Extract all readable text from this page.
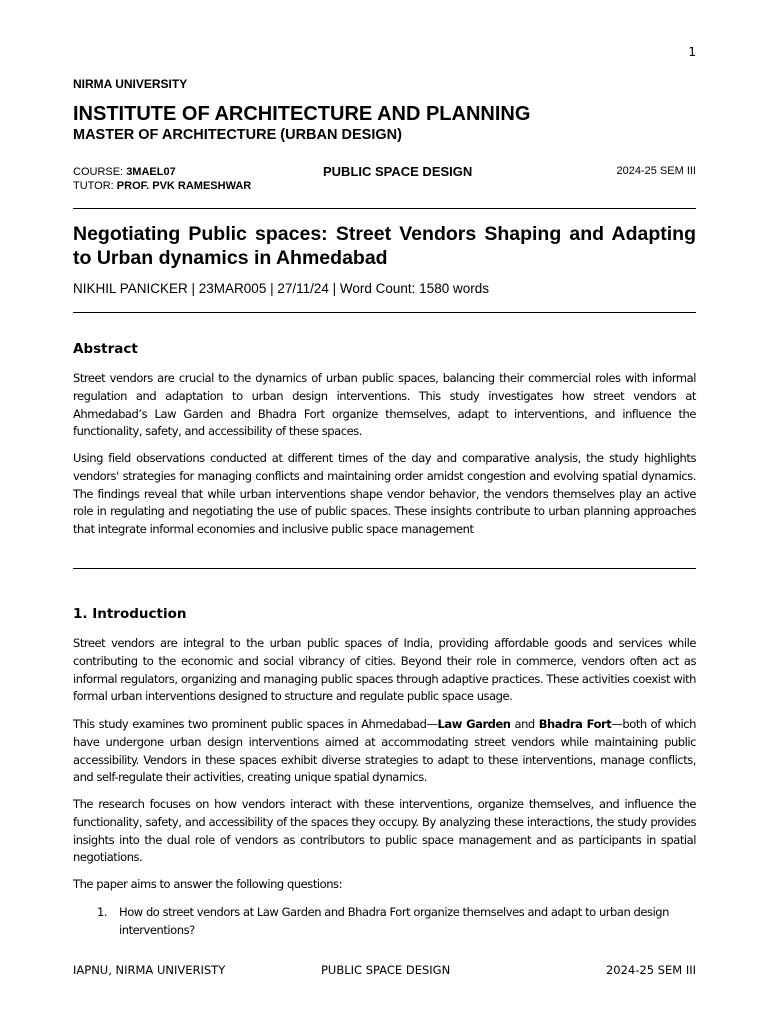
1
NIRMA UNIVERSITY
INSTITUTE OF ARCHITECTURE AND PLANNING
MASTER OF ARCHITECTURE (URBAN DESIGN)
COURSE: 3MAEL07
TUTOR: PROF. PVK RAMESHWAR
PUBLIC SPACE DESIGN	2024-25 SEM III
Negotiating Public spaces: Street Vendors Shaping and Adapting to Urban dynamics in Ahmedabad
NIKHIL PANICKER | 23MAR005 | 27/11/24 | Word Count: 1580 words
Abstract
Street vendors are crucial to the dynamics of urban public spaces, balancing their commercial roles with informal regulation and adaptation to urban design interventions. This study investigates how street vendors at Ahmedabad’s Law Garden and Bhadra Fort organize themselves, adapt to interventions, and influence the functionality, safety, and accessibility of these spaces.
Using field observations conducted at different times of the day and comparative analysis, the study highlights vendors' strategies for managing conflicts and maintaining order amidst congestion and evolving spatial dynamics. The findings reveal that while urban interventions shape vendor behavior, the vendors themselves play an active role in regulating and negotiating the use of public spaces. These insights contribute to urban planning approaches that integrate informal economies and inclusive public space management
1. Introduction
Street vendors are integral to the urban public spaces of India, providing affordable goods and services while contributing to the economic and social vibrancy of cities. Beyond their role in commerce, vendors often act as informal regulators, organizing and managing public spaces through adaptive practices. These activities coexist with formal urban interventions designed to structure and regulate public space usage.
This study examines two prominent public spaces in Ahmedabad—Law Garden and Bhadra Fort—both of which have undergone urban design interventions aimed at accommodating street vendors while maintaining public accessibility. Vendors in these spaces exhibit diverse strategies to adapt to these interventions, manage conflicts, and self-regulate their activities, creating unique spatial dynamics.
The research focuses on how vendors interact with these interventions, organize themselves, and influence the functionality, safety, and accessibility of the spaces they occupy. By analyzing these interactions, the study provides insights into the dual role of vendors as contributors to public space management and as participants in spatial negotiations.
The paper aims to answer the following questions:
1. How do street vendors at Law Garden and Bhadra Fort organize themselves and adapt to urban design interventions?
IAPNU, NIRMA UNIVERISTY	PUBLIC SPACE DESIGN	2024-25 SEM III
